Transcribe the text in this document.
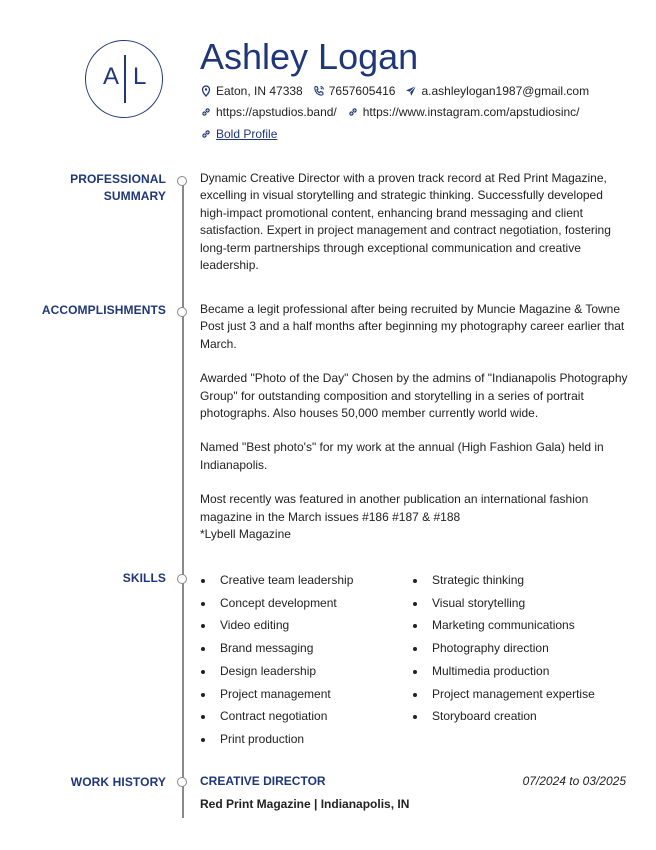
A L Ashley Logan
Eaton, IN 47338 7657605416 a.ashleylogan1987@gmail.com
https://apstudios.band/ https://www.instagram.com/apstudiosinc/
Bold Profile
PROFESSIONAL
SUMMARY
Dynamic Creative Director with a proven track record at Red Print Magazine, excelling in visual storytelling and strategic thinking. Successfully developed high-impact promotional content, enhancing brand messaging and client satisfaction. Expert in project management and contract negotiation, fostering long-term partnerships through exceptional communication and creative leadership.
ACCOMPLISHMENTS	Became a legit professional after being recruited by Muncie Magazine & Towne Post just 3 and a half months after beginning my photography career earlier that March.

Awarded "Photo of the Day" Chosen by the admins of "Indianapolis Photography Group" for outstanding composition and storytelling in a series of portrait photographs. Also houses 50,000 member currently world wide.

Named "Best photo's" for my work at the annual (High Fashion Gala) held in Indianapolis.

Most recently was featured in another publication an international fashion magazine in the March issues #186 #187 & #188
*Lybell Magazine

SKILLS	Creative team leadership
Concept development
Video editing
Brand messaging
Design leadership
Project management
Contract negotiation
Print production
Strategic thinking
Visual storytelling
Marketing communications
Photography direction
Multimedia production
Project management expertise
Storyboard creation
WORK HISTORY	CREATIVE DIRECTOR	07/2024 to 03/2025
Red Print Magazine | Indianapolis, IN
